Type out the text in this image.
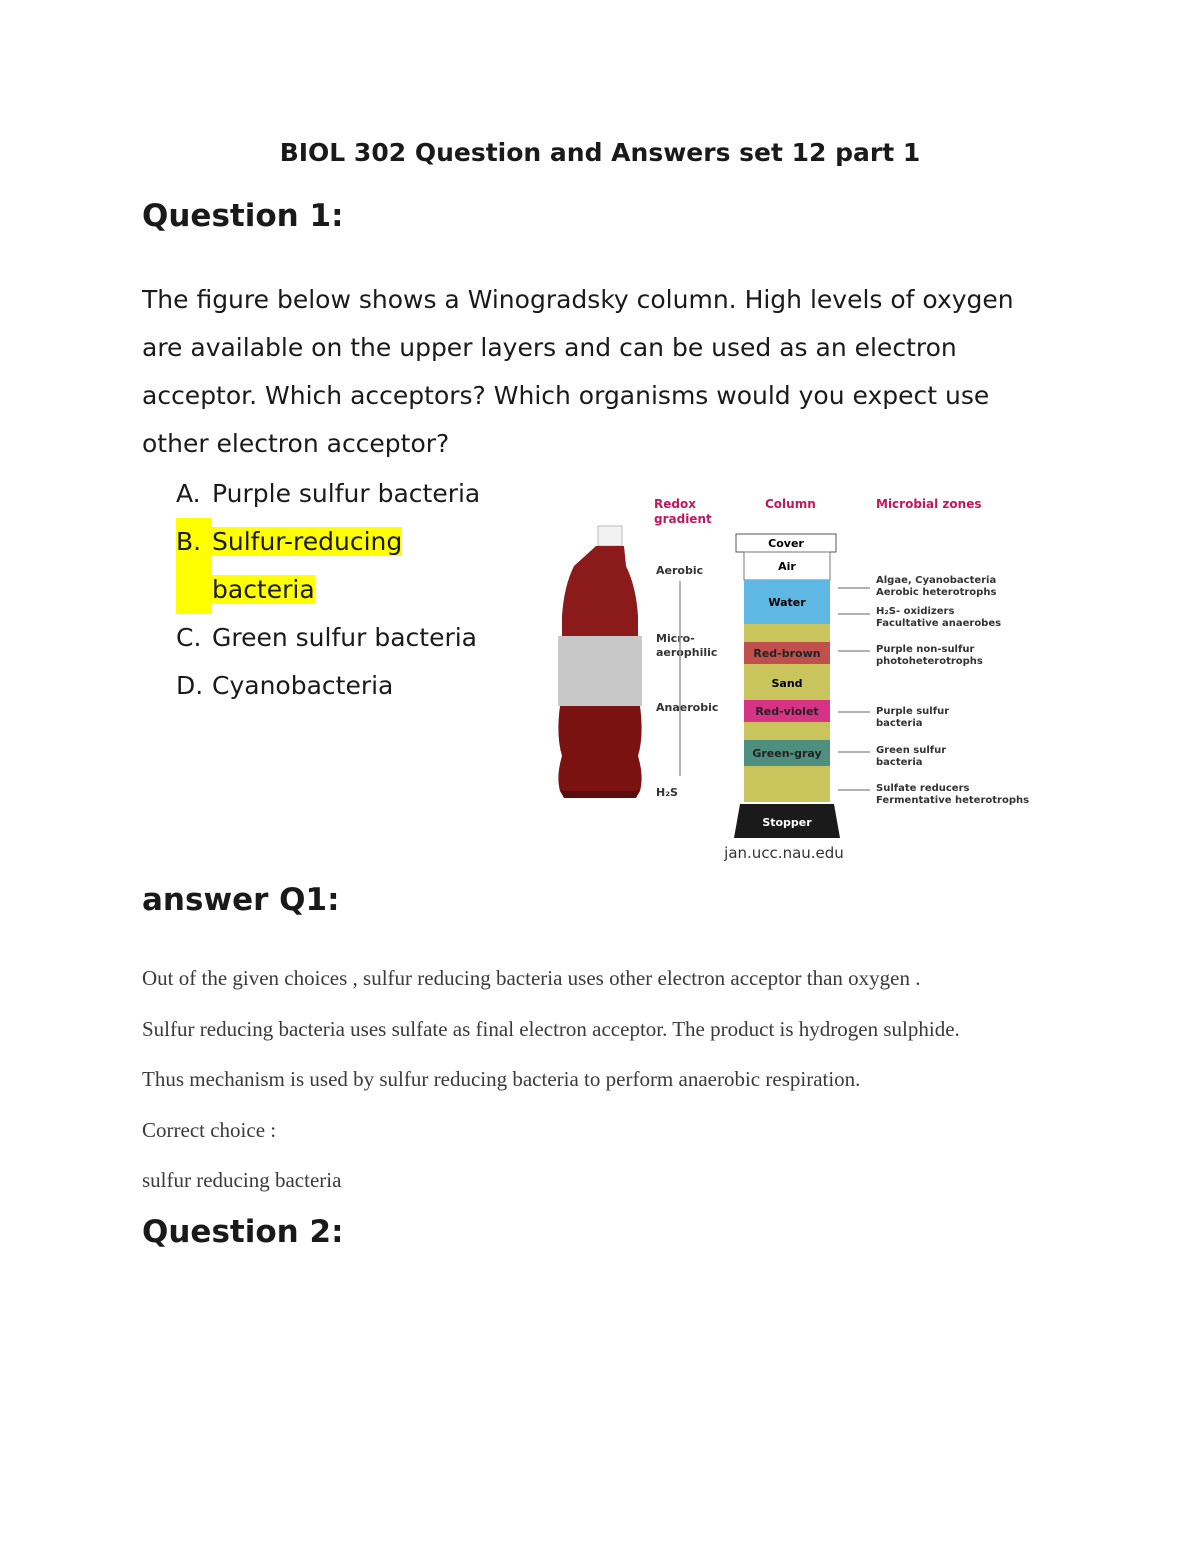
BIOL 302 Question and Answers set 12 part 1
Question 1:

The figure below shows a Winogradsky column. High levels of oxygen are available on the upper layers and can be used as an electron acceptor. Which acceptors? Which organisms would you expect use other electron acceptor?

A. Purple sulfur bacteria
B. Sulfur-reducing bacteria
C. Green sulfur bacteria
D. Cyanobacteria
Redox gradient
Column	Microbial zones
Aerobic
Micro-aerophilic
Anaerobic
H₂S
Cover
Air
Water
Red-brown
Sand
Red-violet
Green-gray
Stopper
Algae, Cyanobacteria Aerobic heterotrophs
H₂S- oxidizers Facultative anaerobes
Purple non-sulfur photoheterotrophs
Purple sulfur bacteria
Green sulfur bacteria
Sulfate reducers Fermentative heterotrophs
jan.ucc.nau.edu
answer Q1:

Out of the given choices , sulfur reducing bacteria uses other electron acceptor than oxygen .

Sulfur reducing bacteria uses sulfate as final electron acceptor. The product is hydrogen sulphide.

Thus mechanism is used by sulfur reducing bacteria to perform anaerobic respiration.

Correct choice :

sulfur reducing bacteria

Question 2:
